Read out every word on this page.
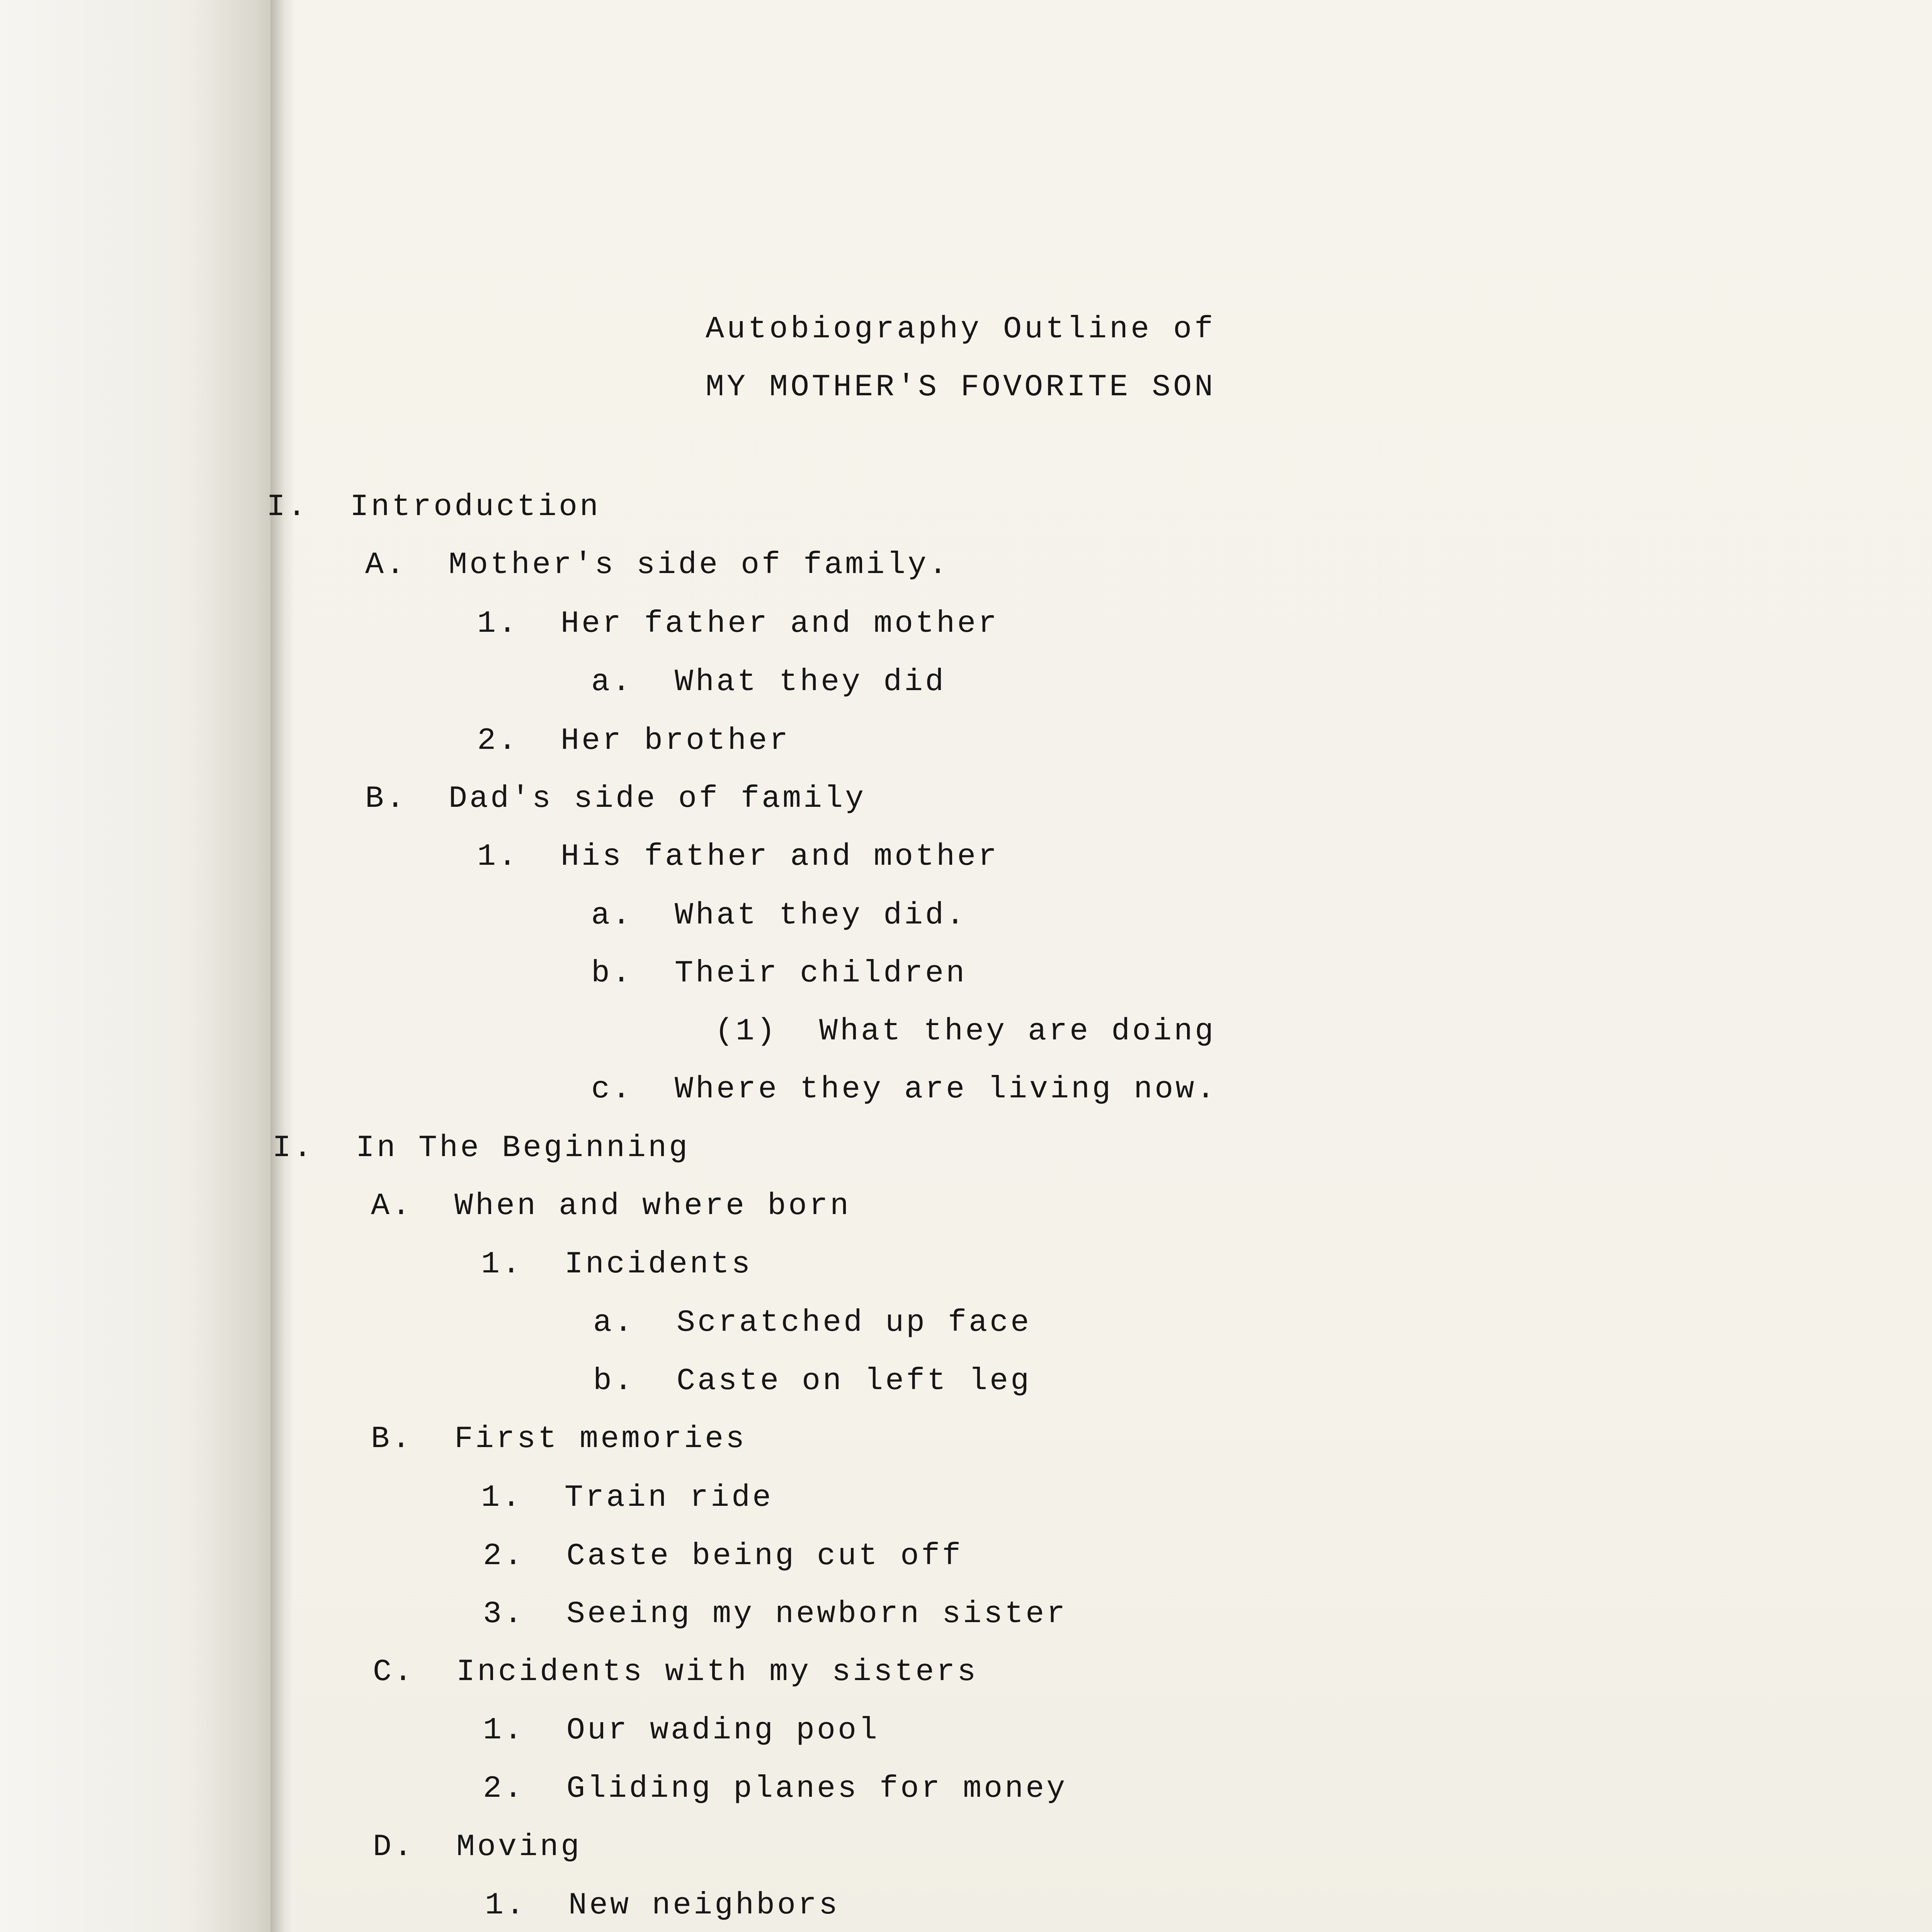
Autobiography Outline of
MY MOTHER'S FOVORITE SON
I.  Introduction
A.  Mother's side of family.
1.  Her father and mother
a.  What they did
2.  Her brother
B.  Dad's side of family
1.  His father and mother
a.  What they did.
b.  Their children
(1)  What they are doing
c.  Where they are living now.
I.  In The Beginning
A.  When and where born
1.  Incidents
a.  Scratched up face
b.  Caste on left leg
B.  First memories
1.  Train ride
2.  Caste being cut off
3.  Seeing my newborn sister
C.  Incidents with my sisters
1.  Our wading pool
2.  Gliding planes for money
D.  Moving
1.  New neighbors
